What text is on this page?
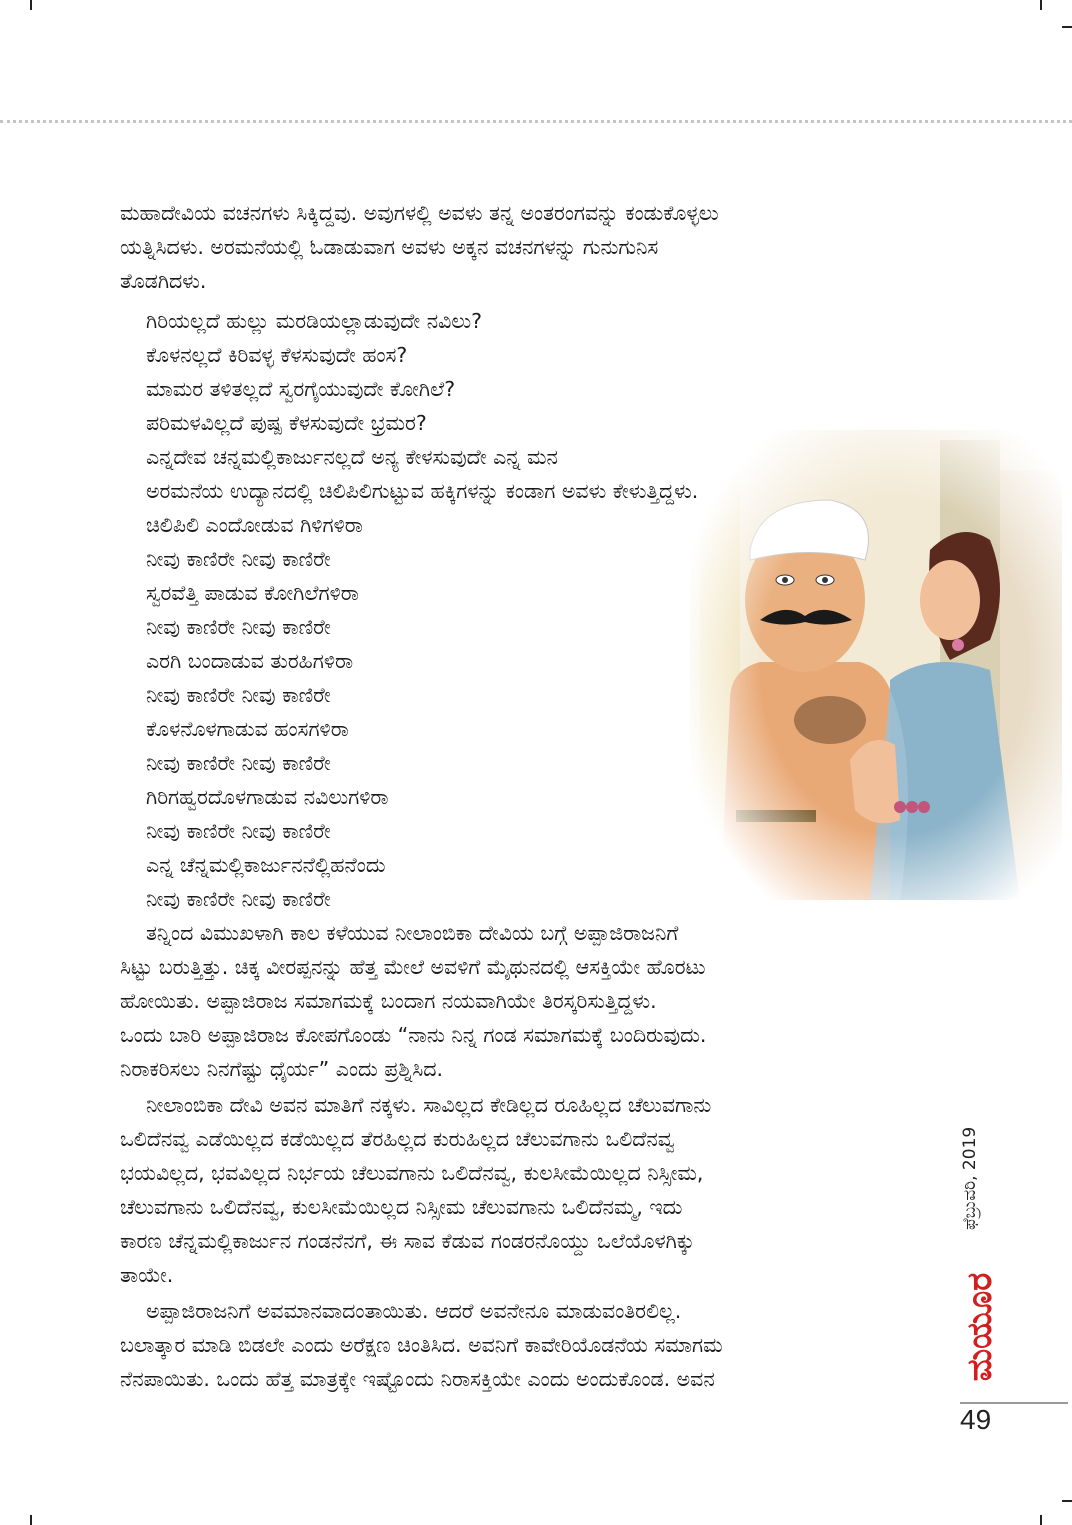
ಮಹಾದೇವಿಯ ವಚನಗಳು ಸಿಕ್ಕಿದ್ದವು. ಅವುಗಳಲ್ಲಿ ಅವಳು ತನ್ನ ಅಂತರಂಗವನ್ನು ಕಂಡುಕೊಳ್ಳಲು
ಯತ್ನಿಸಿದಳು. ಅರಮನೆಯಲ್ಲಿ ಓಡಾಡುವಾಗ ಅವಳು ಅಕ್ಕನ ವಚನಗಳನ್ನು ಗುನುಗುನಿಸ
ತೊಡಗಿದಳು.
ಗಿರಿಯಲ್ಲದೆ ಹುಲ್ಲು ಮರಡಿಯಲ್ಲಾಡುವುದೇ ನವಿಲು?
ಕೊಳನಲ್ಲದೆ ಕಿರಿವಳ್ಳ ಕೆಳಸುವುದೇ ಹಂಸ?
ಮಾಮರ ತಳಿತಲ್ಲದೆ ಸ್ವರಗೈಯುವುದೇ ಕೋಗಿಲೆ?
ಪರಿಮಳವಿಲ್ಲದೆ ಪುಷ್ಪ ಕೆಳಸುವುದೇ ಭ್ರಮರ?
ಎನ್ನದೇವ ಚನ್ನಮಲ್ಲಿಕಾರ್ಜುನಲ್ಲದೆ ಅನ್ಯ ಕೇಳಸುವುದೇ ಎನ್ನ ಮನ
ಅರಮನೆಯ ಉದ್ಯಾನದಲ್ಲಿ ಚಿಲಿಪಿಲಿಗುಟ್ಟುವ ಹಕ್ಕಿಗಳನ್ನು ಕಂಡಾಗ ಅವಳು ಕೇಳುತ್ತಿದ್ದಳು.
ಚಿಲಿಪಿಲಿ ಎಂದೋಡುವ ಗಿಳಿಗಳಿರಾ
ನೀವು ಕಾಣಿರೇ ನೀವು ಕಾಣಿರೇ
ಸ್ವರವೆತ್ತಿ ಪಾಡುವ ಕೋಗಿಲೆಗಳಿರಾ
ನೀವು ಕಾಣಿರೇ ನೀವು ಕಾಣಿರೇ
ಎರಗಿ ಬಂದಾಡುವ ತುರಹಿಗಳಿರಾ
ನೀವು ಕಾಣಿರೇ ನೀವು ಕಾಣಿರೇ
ಕೊಳನೊಳಗಾಡುವ ಹಂಸಗಳಿರಾ
ನೀವು ಕಾಣಿರೇ ನೀವು ಕಾಣಿರೇ
ಗಿರಿಗಹ್ವರದೊಳಗಾಡುವ ನವಿಲುಗಳಿರಾ
ನೀವು ಕಾಣಿರೇ ನೀವು ಕಾಣಿರೇ
ಎನ್ನ ಚೆನ್ನಮಲ್ಲಿಕಾರ್ಜುನನೆಲ್ಲಿಹನೆಂದು
ನೀವು ಕಾಣಿರೇ ನೀವು ಕಾಣಿರೇ
ತನ್ನಿಂದ ವಿಮುಖಳಾಗಿ ಕಾಲ ಕಳೆಯುವ ನೀಲಾಂಬಿಕಾ ದೇವಿಯ ಬಗ್ಗೆ ಅಪ್ಪಾಜಿರಾಜನಿಗೆ
ಸಿಟ್ಟು ಬರುತ್ತಿತ್ತು. ಚಿಕ್ಕ ವೀರಪ್ಪನನ್ನು ಹೆತ್ತ ಮೇಲೆ ಅವಳಿಗೆ ಮೈಥುನದಲ್ಲಿ ಆಸಕ್ತಿಯೇ ಹೊರಟು
ಹೋಯಿತು. ಅಪ್ಪಾಜಿರಾಜ ಸಮಾಗಮಕ್ಕೆ ಬಂದಾಗ ನಯವಾಗಿಯೇ ತಿರಸ್ಕರಿಸುತ್ತಿದ್ದಳು.
ಒಂದು ಬಾರಿ ಅಪ್ಪಾಜಿರಾಜ ಕೋಪಗೊಂಡು “ನಾನು ನಿನ್ನ ಗಂಡ ಸಮಾಗಮಕ್ಕೆ ಬಂದಿರುವುದು.
ನಿರಾಕರಿಸಲು ನಿನಗೆಷ್ಟು ಧೈರ್ಯ” ಎಂದು ಪ್ರಶ್ನಿಸಿದ.
ನೀಲಾಂಬಿಕಾ ದೇವಿ ಅವನ ಮಾತಿಗೆ ನಕ್ಕಳು. ಸಾವಿಲ್ಲದ ಕೇಡಿಲ್ಲದ ರೂಹಿಲ್ಲದ ಚೆಲುವಗಾನು
ಒಲಿದೆನವ್ವ ಎಡೆಯಿಲ್ಲದ ಕಡೆಯಿಲ್ಲದ ತೆರಹಿಲ್ಲದ ಕುರುಹಿಲ್ಲದ ಚೆಲುವಗಾನು ಒಲಿದೆನವ್ವ
ಭಯವಿಲ್ಲದ, ಭವವಿಲ್ಲದ ನಿರ್ಭಯ ಚೆಲುವಗಾನು ಒಲಿದೆನವ್ವ, ಕುಲಸೀಮೆಯಿಲ್ಲದ ನಿಸ್ಸೀಮ,
ಚೆಲುವಗಾನು ಒಲಿದೆನವ್ವ, ಕುಲಸೀಮೆಯಿಲ್ಲದ ನಿಸ್ಸೀಮ ಚೆಲುವಗಾನು ಒಲಿದೆನಮ್ಮ, ಇದು
ಕಾರಣ ಚೆನ್ನಮಲ್ಲಿಕಾರ್ಜುನ ಗಂಡನೆನಗೆ, ಈ ಸಾವ ಕೆಡುವ ಗಂಡರನೊಯ್ದು ಒಲೆಯೊಳಗಿಕ್ಕು
ತಾಯೇ.
ಅಪ್ಪಾಜಿರಾಜನಿಗೆ ಅವಮಾನವಾದಂತಾಯಿತು. ಆದರೆ ಅವನೇನೂ ಮಾಡುವಂತಿರಲಿಲ್ಲ.
ಬಲಾತ್ಕಾರ ಮಾಡಿ ಬಿಡಲೇ ಎಂದು ಅರೆಕ್ಷಣ ಚಿಂತಿಸಿದ. ಅವನಿಗೆ ಕಾವೇರಿಯೊಡನೆಯ ಸಮಾಗಮ
ನೆನಪಾಯಿತು. ಒಂದು ಹೆತ್ತ ಮಾತ್ರಕ್ಕೇ ಇಷ್ಟೊಂದು ನಿರಾಸಕ್ತಿಯೇ ಎಂದು ಅಂದುಕೊಂಡ. ಅವನ
ಫೆಬ್ರುವರಿ, 2019
ಮಯೂರ
49
